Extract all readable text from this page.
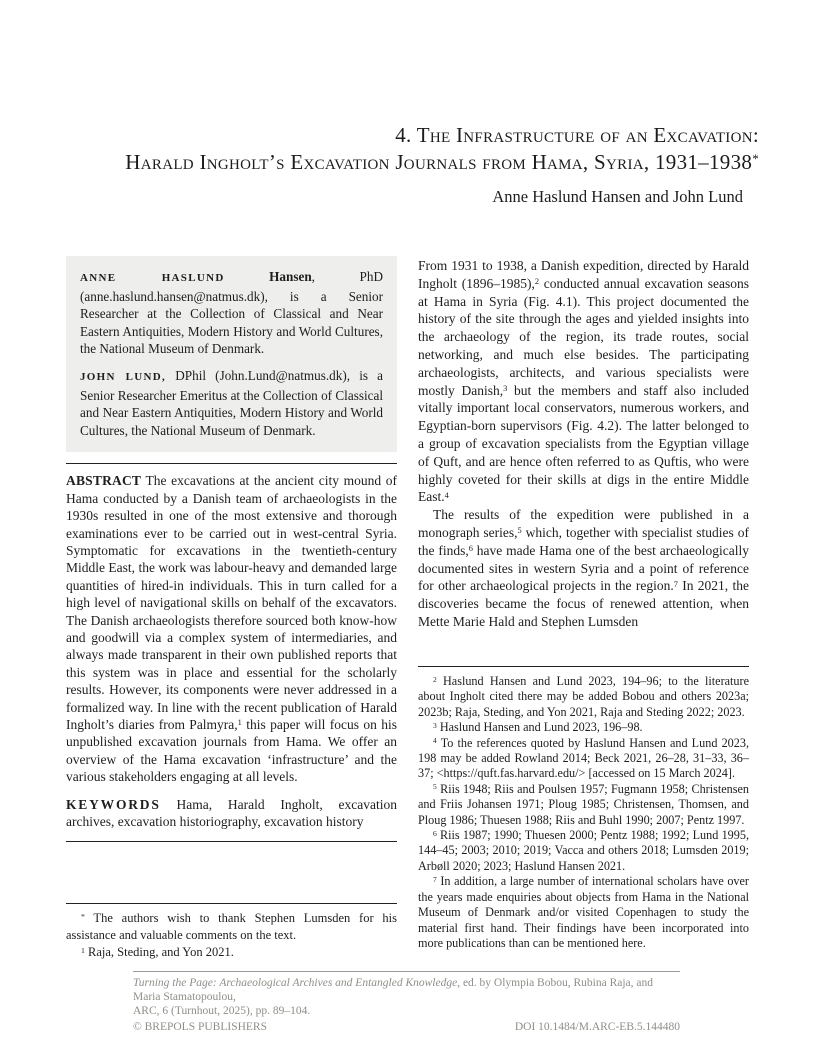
4. The Infrastructure of an Excavation:
Harald Ingholt’s Excavation Journals from Hama, Syria, 1931–1938*
Anne Haslund Hansen and John Lund

ANNE HASLUND Hansen, PhD (anne.haslund.hansen@natmus.dk), is a Senior Researcher at the Collection of Classical and Near Eastern Antiquities, Modern History and World Cultures, the National Museum of Denmark.

JOHN LUND, DPhil (John.Lund@natmus.dk), is a Senior Researcher Emeritus at the Collection of Classical and Near Eastern Antiquities, Modern History and World Cultures, the National Museum of Denmark.

ABSTRACT The excavations at the ancient city mound of Hama conducted by a Danish team of archaeologists in the 1930s resulted in one of the most extensive and thorough examinations ever to be carried out in west-central Syria. Symptomatic for excavations in the twentieth-century Middle East, the work was labour-heavy and demanded large quantities of hired-in individuals. This in turn called for a high level of navigational skills on behalf of the excavators. The Danish archaeologists therefore sourced both know-how and goodwill via a complex system of intermediaries, and always made transparent in their own published reports that this system was in place and essential for the scholarly results. However, its components were never addressed in a formalized way. In line with the recent publication of Harald Ingholt’s diaries from Palmyra,$^1$ this paper will focus on his unpublished excavation journals from Hama. We offer an overview of the Hama excavation ‘infrastructure’ and the various stakeholders engaging at all levels.

KEYWORDS Hama, Harald Ingholt, excavation archives, excavation historiography, excavation history

From 1931 to 1938, a Danish expedition, directed by Harald Ingholt (1896–1985),$^2$ conducted annual excavation seasons at Hama in Syria (Fig. 4.1). This project documented the history of the site through the ages and yielded insights into the archaeology of the region, its trade routes, social networking, and much else besides. The participating archaeologists, architects, and various specialists were mostly Danish,$^3$ but the members and staff also included vitally important local conservators, numerous workers, and Egyptian-born supervisors (Fig. 4.2). The latter belonged to a group of excavation specialists from the Egyptian village of Quft, and are hence often referred to as Quftis, who were highly coveted for their skills at digs in the entire Middle East.$^4$

The results of the expedition were published in a monograph series,$^5$ which, together with specialist studies of the finds,$^6$ have made Hama one of the best archaeologically documented sites in western Syria and a point of reference for other archaeological projects in the region.$^7$ In 2021, the discoveries became the focus of renewed attention, when Mette Marie Hald and Stephen Lumsden

* The authors wish to thank Stephen Lumsden for his assistance and valuable comments on the text.

$^1$ Raja, Steding, and Yon 2021.

$^2$ Haslund Hansen and Lund 2023, 194–96; to the literature about Ingholt cited there may be added Bobou and others 2023a; 2023b; Raja, Steding, and Yon 2021, Raja and Steding 2022; 2023.

$^3$ Haslund Hansen and Lund 2023, 196–98.

$^4$ To the references quoted by Haslund Hansen and Lund 2023, 198 may be added Rowland 2014; Beck 2021, 26–28, 31–33, 36–37; <https://quft.fas.harvard.edu/> [accessed on 15 March 2024].

$^5$ Riis 1948; Riis and Poulsen 1957; Fugmann 1958; Christensen and Friis Johansen 1971; Ploug 1985; Christensen, Thomsen, and Ploug 1986; Thuesen 1988; Riis and Buhl 1990; 2007; Pentz 1997.

$^6$ Riis 1987; 1990; Thuesen 2000; Pentz 1988; 1992; Lund 1995, 144–45; 2003; 2010; 2019; Vacca and others 2018; Lumsden 2019; Arbøll 2020; 2023; Haslund Hansen 2021.

$^7$ In addition, a large number of international scholars have over the years made enquiries about objects from Hama in the National Museum of Denmark and/or visited Copenhagen to study the material first hand. Their findings have been incorporated into more publications than can be mentioned here.

Turning the Page: Archaeological Archives and Entangled Knowledge, ed. by Olympia Bobou, Rubina Raja, and Maria Stamatopoulou,

ARC, 6 (Turnhout, 2025), pp. 89–104.

© BREPOLS PUBLISHERS	DOI 10.1484/M.ARC-EB.5.144480
